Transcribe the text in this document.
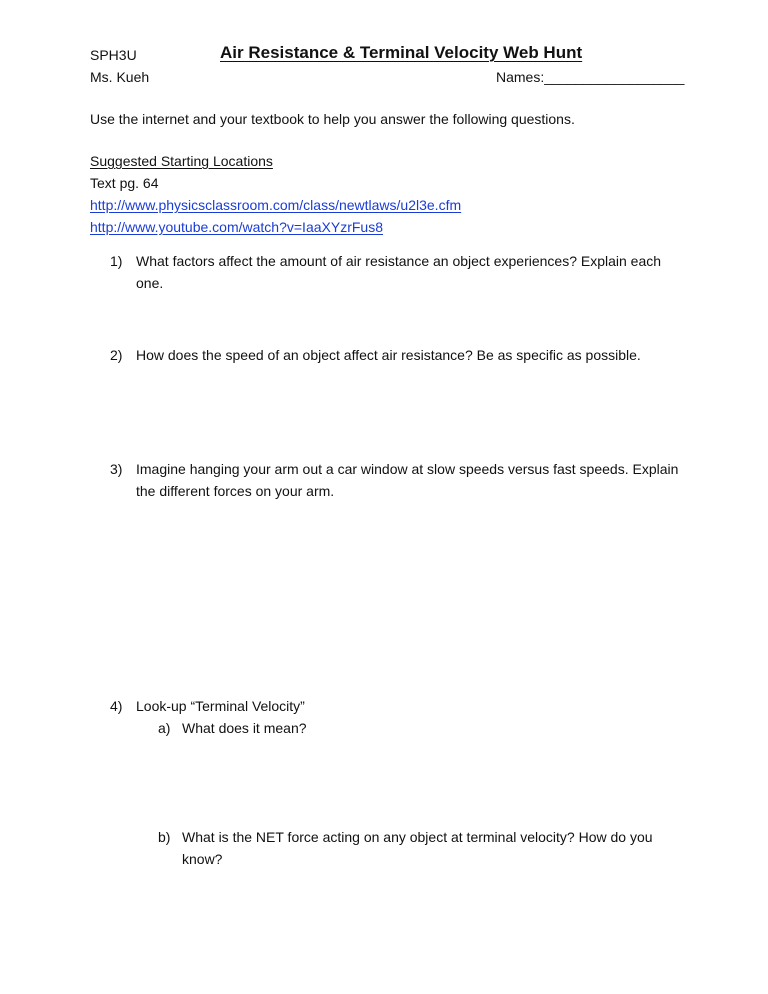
SPH3U
Ms. Kueh
Air Resistance & Terminal Velocity Web Hunt
Names:__________________
Use the internet and your textbook to help you answer the following questions.
Suggested Starting Locations
Text pg. 64
http://www.physicsclassroom.com/class/newtlaws/u2l3e.cfm
http://www.youtube.com/watch?v=IaaXYzrFus8
1) What factors affect the amount of air resistance an object experiences? Explain each one.
2) How does the speed of an object affect air resistance? Be as specific as possible.
3) Imagine hanging your arm out a car window at slow speeds versus fast speeds. Explain the different forces on your arm.
4) Look-up “Terminal Velocity”
a) What does it mean?
b) What is the NET force acting on any object at terminal velocity? How do you know?
